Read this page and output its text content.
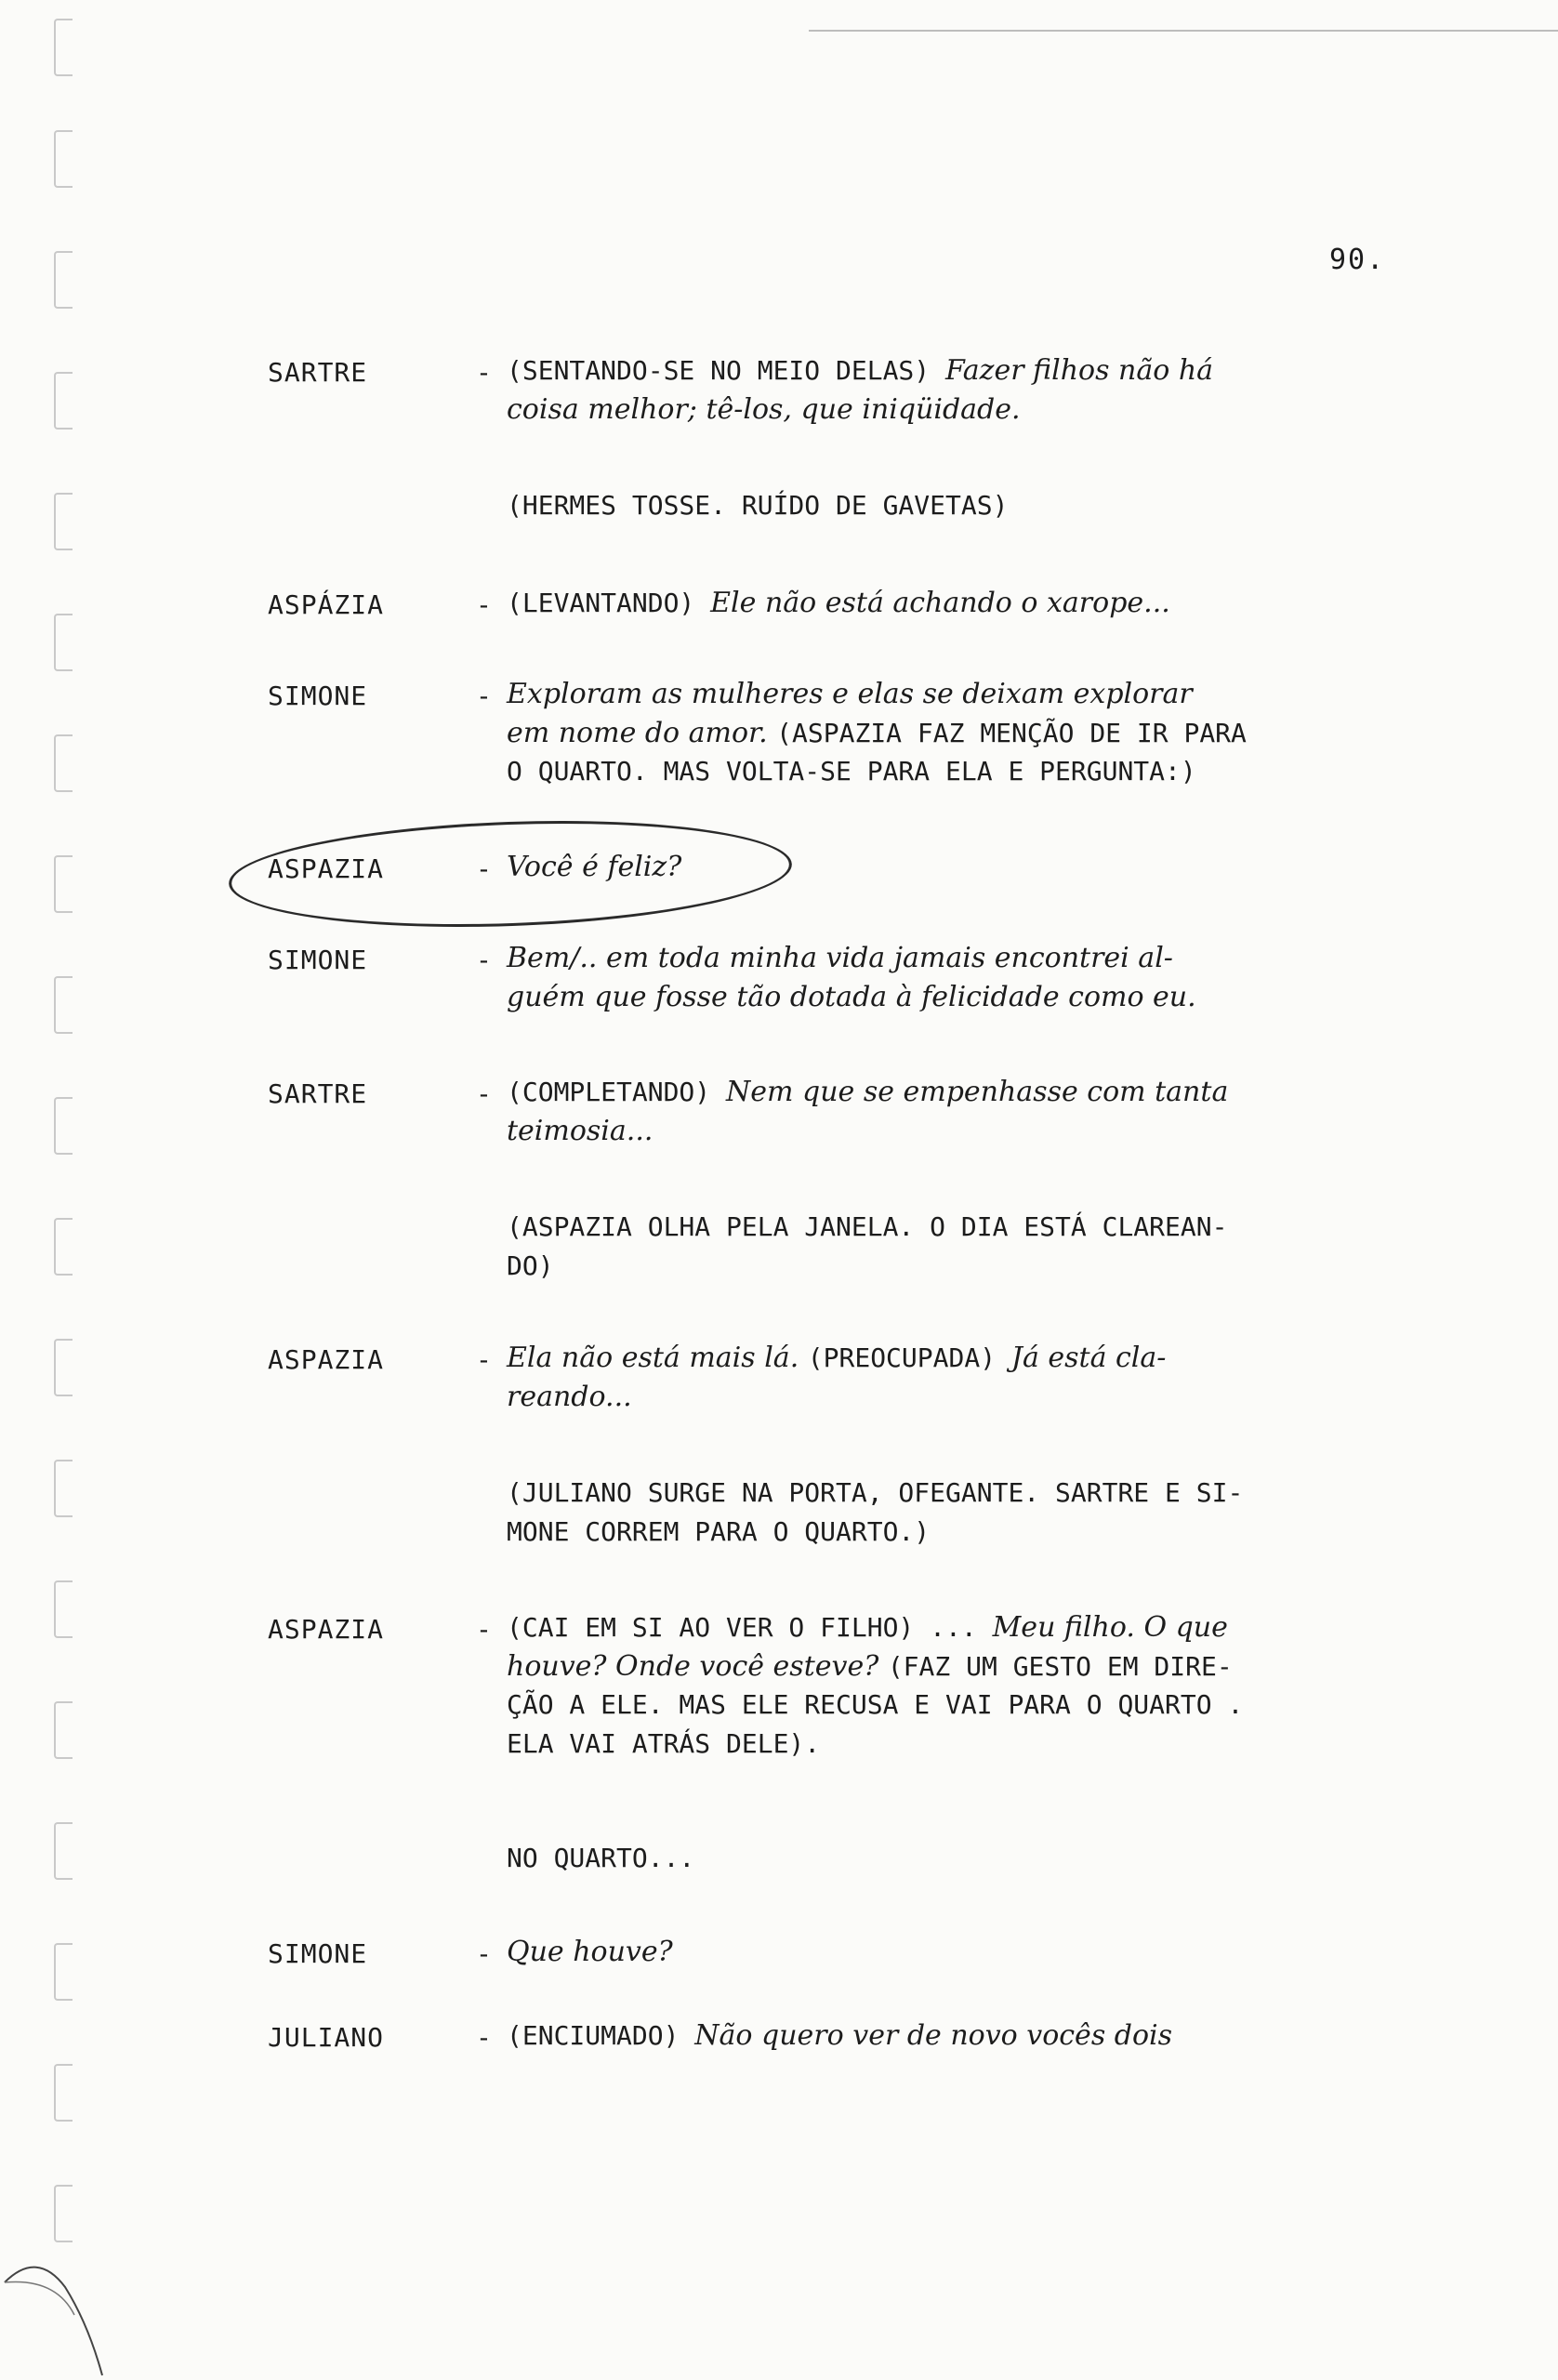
90.
SARTRE	- (SENTANDO-SE NO MEIO DELAS) Fazer filhos não há
coisa melhor; tê-los, que iniqüidade.
(HERMES TOSSE. RUÍDO DE GAVETAS)
ASPÁZIA	- (LEVANTANDO) Ele não está achando o xarope...
SIMONE	- Exploram as mulheres e elas se deixam explorar
em nome do amor. (ASPAZIA FAZ MENÇÃO DE IR PARA
O QUARTO. MAS VOLTA-SE PARA ELA E PERGUNTA:)
ASPAZIA	- Você é feliz?
SIMONE	- Bem/.. em toda minha vida jamais encontrei al-
guém que fosse tão dotada à felicidade como eu.
SARTRE	- (COMPLETANDO) Nem que se empenhasse com tanta
teimosia...
(ASPAZIA OLHA PELA JANELA. O DIA ESTÁ CLAREAN-
DO)
ASPAZIA	- Ela não está mais lá. (PREOCUPADA) Já está cla-
reando...
(JULIANO SURGE NA PORTA, OFEGANTE. SARTRE E SI-
MONE CORREM PARA O QUARTO.)
ASPAZIA	- (CAI EM SI AO VER O FILHO) ... Meu filho. O que
houve? Onde você esteve? (FAZ UM GESTO EM DIRE-
ÇÃO A ELE. MAS ELE RECUSA E VAI PARA O QUARTO .
ELA VAI ATRÁS DELE).
NO QUARTO...
SIMONE	- Que houve?
JULIANO	- (ENCIUMADO) Não quero ver de novo vocês dois
